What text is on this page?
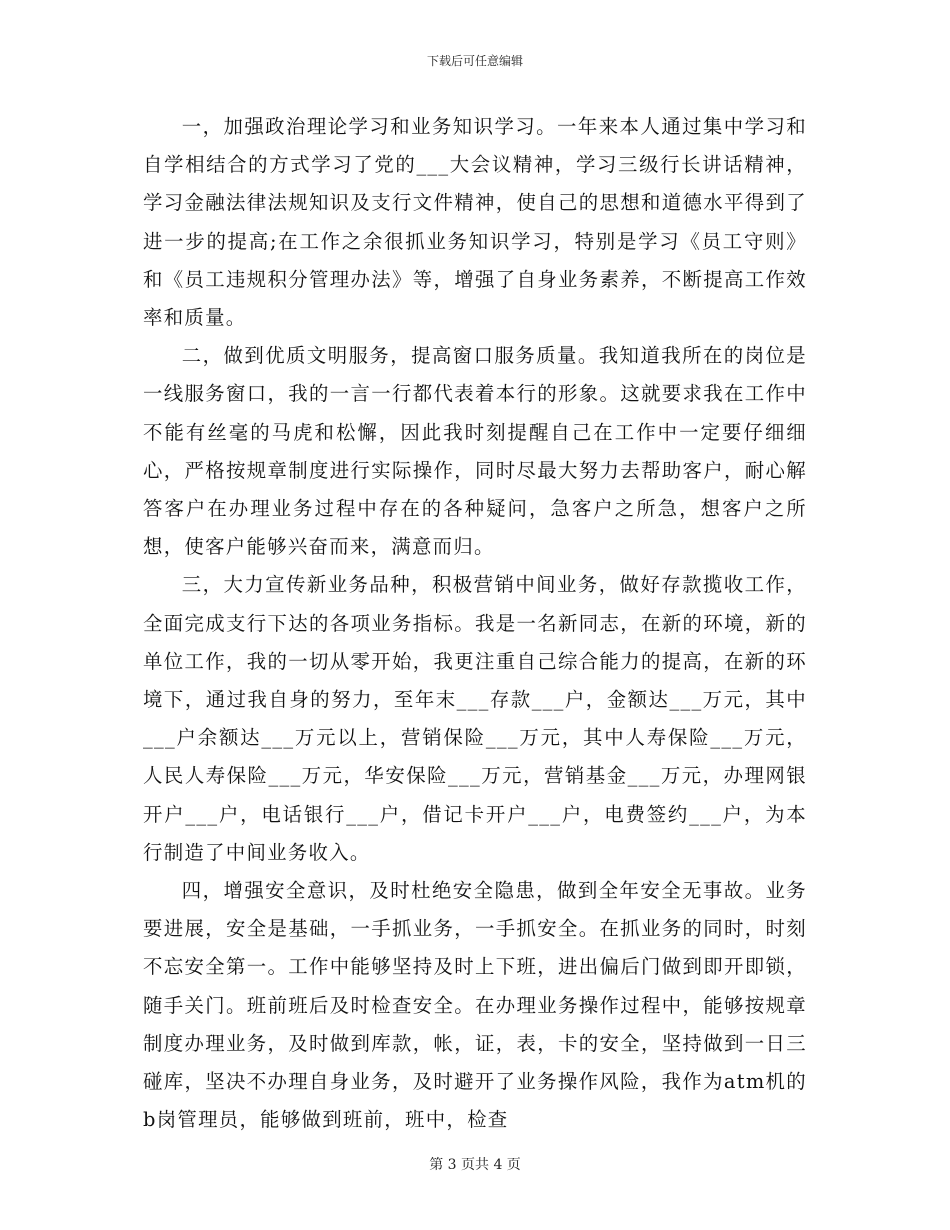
下载后可任意编辑

一，加强政治理论学习和业务知识学习。一年来本人通过集中学习和自学相结合的方式学习了党的___大会议精神，学习三级行长讲话精神，学习金融法律法规知识及支行文件精神，使自己的思想和道德水平得到了进一步的提高;在工作之余很抓业务知识学习，特别是学习《员工守则》和《员工违规积分管理办法》等，增强了自身业务素养，不断提高工作效率和质量。

二，做到优质文明服务，提高窗口服务质量。我知道我所在的岗位是一线服务窗口，我的一言一行都代表着本行的形象。这就要求我在工作中不能有丝毫的马虎和松懈，因此我时刻提醒自己在工作中一定要仔细细心，严格按规章制度进行实际操作，同时尽最大努力去帮助客户，耐心解答客户在办理业务过程中存在的各种疑问，急客户之所急，想客户之所想，使客户能够兴奋而来，满意而归。

三，大力宣传新业务品种，积极营销中间业务，做好存款揽收工作，全面完成支行下达的各项业务指标。我是一名新同志，在新的环境，新的单位工作，我的一切从零开始，我更注重自己综合能力的提高，在新的环境下，通过我自身的努力，至年末___存款___户，金额达___万元，其中___户余额达___万元以上，营销保险___万元，其中人寿保险___万元，人民人寿保险___万元，华安保险___万元，营销基金___万元，办理网银开户___户，电话银行___户，借记卡开户___户，电费签约___户，为本行制造了中间业务收入。

四，增强安全意识，及时杜绝安全隐患，做到全年安全无事故。业务要进展，安全是基础，一手抓业务，一手抓安全。在抓业务的同时，时刻不忘安全第一。工作中能够坚持及时上下班，进出偏后门做到即开即锁，随手关门。班前班后及时检查安全。在办理业务操作过程中，能够按规章制度办理业务，及时做到库款，帐，证，表，卡的安全，坚持做到一日三碰库，坚决不办理自身业务，及时避开了业务操作风险，我作为atm机的b岗管理员，能够做到班前，班中，检查

第 3 页共 4 页
